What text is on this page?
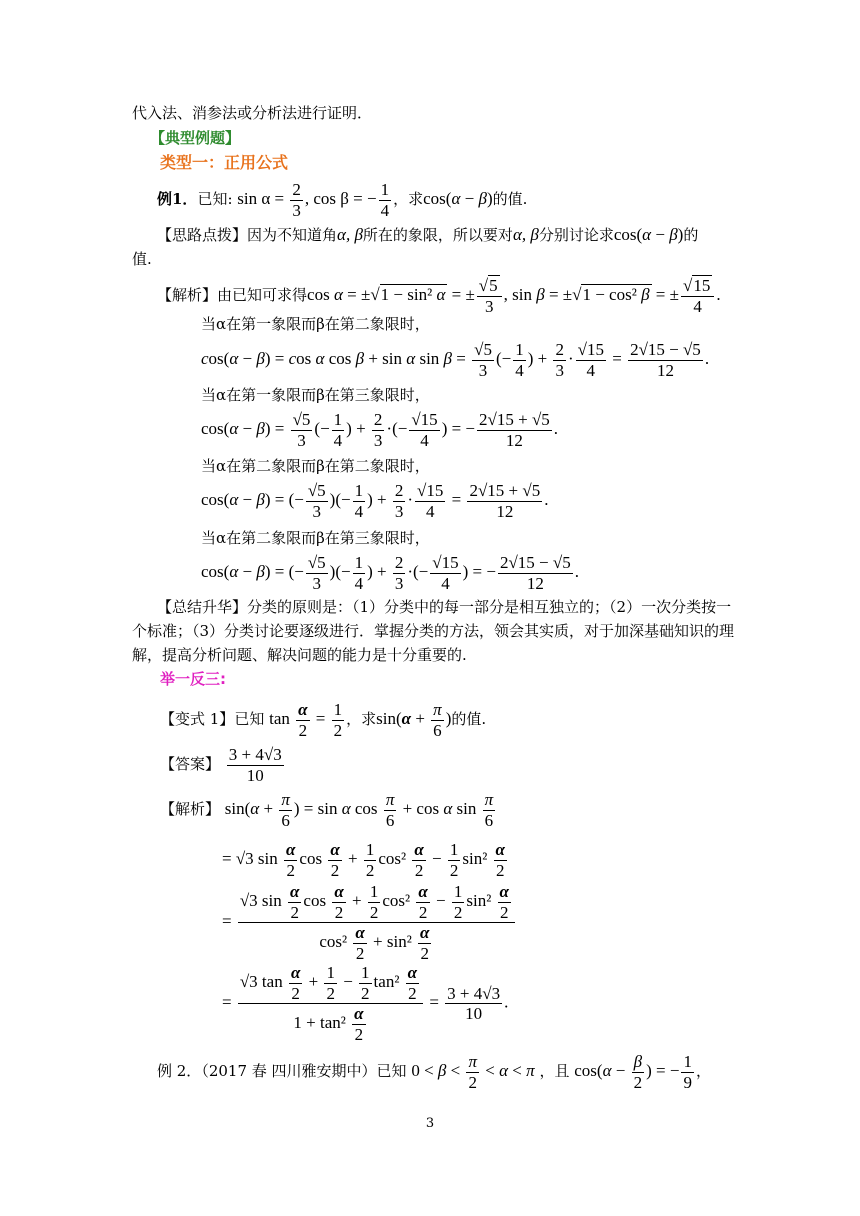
代入法、消参法或分析法进行证明．
【典型例题】
类型一：正用公式
例1．已知: $\sin \alpha = \frac{2}{3}$ , cos β = − $\frac{1}{4}$ ，求cos(α − β)的值.
【思路点拨】因为不知道角α, β所在的象限，所以要对α, β分别讨论求cos(α − β)的
值.
【解析】由已知可求得cos α = ±√1 − sin² α = ± $\frac{√5}{3}$ , sin β = ±√1 − cos² β = ± $\frac{√15}{4}$ .
当α在第一象限而β在第二象限时，
cos(α − β) = cos α cos β + sin α $\sin \beta = \frac{√5}{3}$ (− $\frac{1}{4}$ ) + $\frac{2}{3} \cdot \frac{√15}{4} = \frac{2√15 - √5}{12}$ .
当α在第一象限而β在第三象限时，
$\cos(\alpha - \beta) = \frac{√5}{3}$ (− $\frac{1}{4}$ ) + $\frac{2}{3}$ ·(− $\frac{√15}{4}$ ) = − $\frac{2√15 + √5}{12}$ .
当α在第二象限而β在第二象限时，
cos(α − β) = (− $\frac{√5}{3}$ )(− $\frac{1}{4}$ ) + $\frac{2}{3} \cdot \frac{√15}{4} = \frac{2√15 + √5}{12}$ .
当α在第二象限而β在第三象限时，
cos(α − β) = (− $\frac{√5}{3}$ )(− $\frac{1}{4}$ ) + $\frac{2}{3}$ ·(− $\frac{√15}{4}$ ) = − $\frac{2√15 - √5}{12}$ .
【总结升华】分类的原则是：（1）分类中的每一部分是相互独立的；（2）一次分类按一
个标准；（3）分类讨论要逐级进行．掌握分类的方法，领会其实质，对于加深基础知识的理
解，提高分析问题、解决问题的能力是十分重要的.
举一反三:
【变式 1】已知 $\tan \frac{\alpha}{2} = \frac{1}{2}$ ，求$\sin(\alpha + \frac{\pi}{6}$ )的值.
【答案】 $\frac{3 + 4√3}{10}$
【解析】 $\sin(\alpha + \frac{\pi}{6}$ ) = sin α $\cos \frac{\pi}{6} + \cos \alpha$ $\sin \frac{\pi}{6}$
= √3 $\sin \frac{\alpha}{2}$ $\cos \frac{\alpha}{2} + \frac{1}{2} \cos^2 \frac{\alpha}{2} - \frac{1}{2} \sin^2 \frac{\alpha}{2}$
= $\frac{√3 \sin \frac{\alpha}{2} \cos \frac{\alpha}{2} + \frac{1}{2} \cos^2 \frac{\alpha}{2} - \frac{1}{2} \sin^2 \frac{\alpha}{2}}{\cos^2 \frac{\alpha}{2} + \sin^2 \frac{\alpha}{2}}$
= $\frac{√3 \tan \frac{\alpha}{2} + \frac{1}{2} - \frac{1}{2} \tan^2 \frac{\alpha}{2}}{1 + \tan^2 \frac{\alpha}{2}} = \frac{3 + 4√3}{10}$ .
例 2．（2017 春 四川雅安期中）已知 $0 < \beta < \frac{\pi}{2} < \alpha < \pi$ ，且 $\cos(\alpha - \frac{\beta}{2}$ ) = − $\frac{1}{9}$ ，
3
